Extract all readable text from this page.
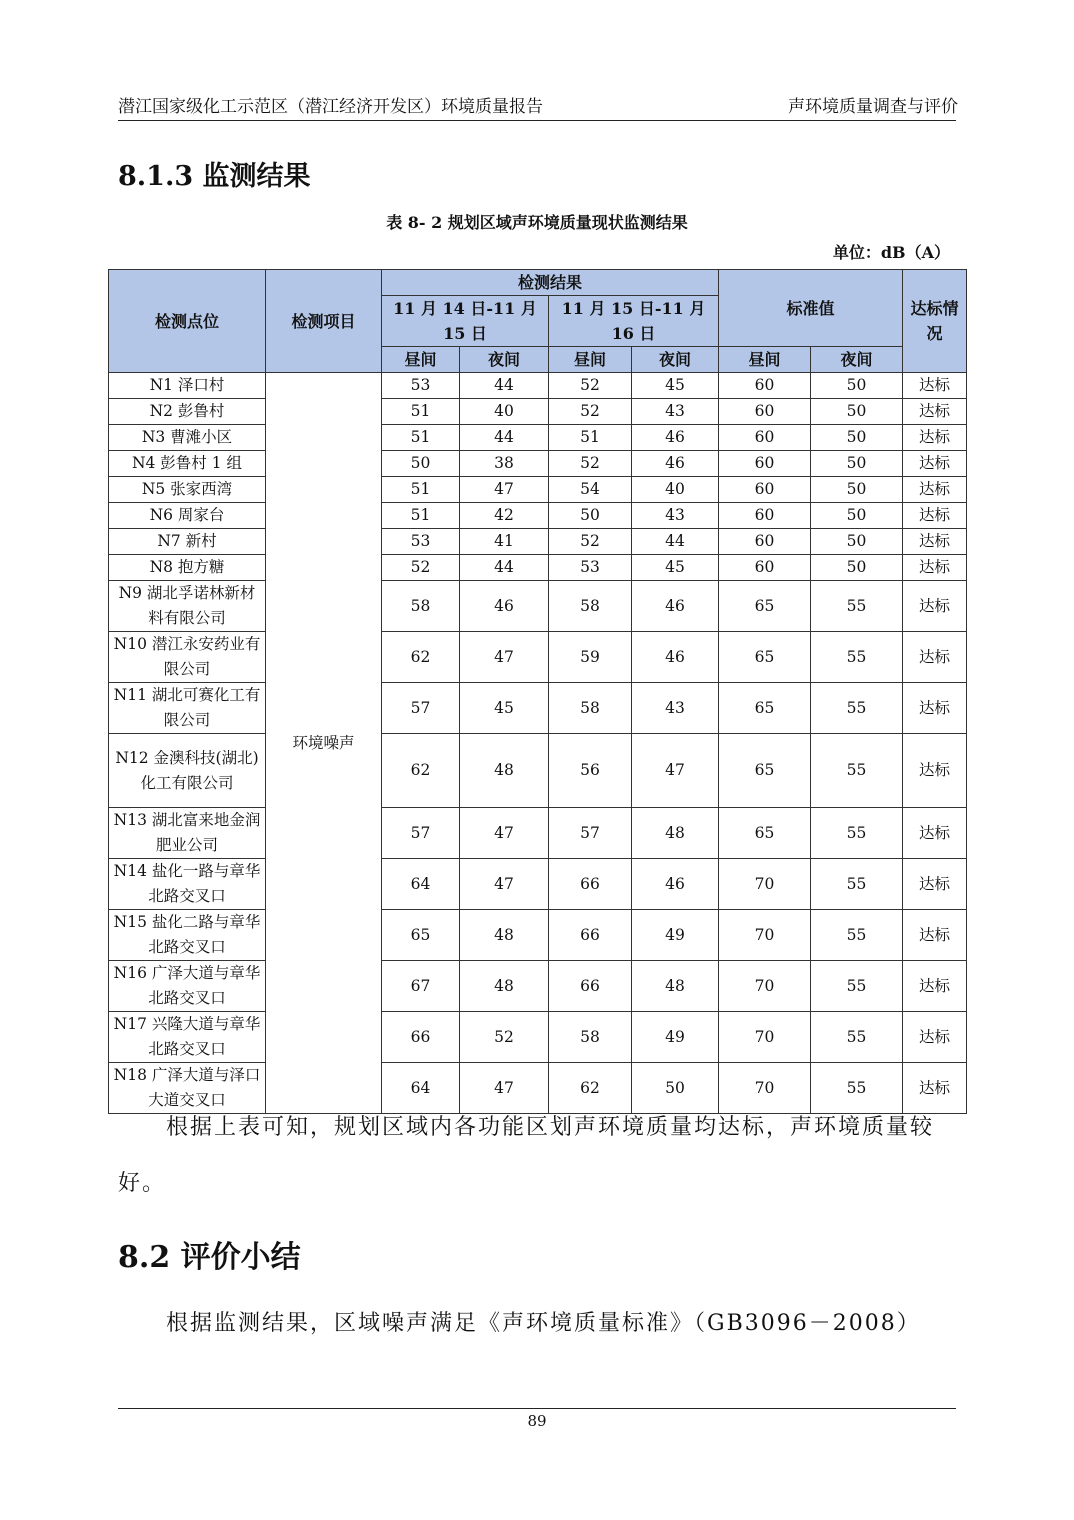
潜江国家级化工示范区（潜江经济开发区）环境质量报告	声环境质量调查与评价
8.1.3 监测结果
表 8- 2 规划区域声环境质量现状监测结果
单位：dB（A）
检测点位	检测项目	检测结果				标准值		达标情况
		11 月 14 日-11 月 15 日		11 月 15 日-11 月 16 日				
		昼间	夜间	昼间	夜间	昼间	夜间	
N1 泽口村	环境噪声	53	44	52	45	60	50	达标
N2 彭鲁村		51	40	52	43	60	50	达标
N3 曹滩小区		51	44	51	46	60	50	达标
N4 彭鲁村 1 组		50	38	52	46	60	50	达标
N5 张家西湾		51	47	54	40	60	50	达标
N6 周家台		51	42	50	43	60	50	达标
N7 新村		53	41	52	44	60	50	达标
N8 抱方糖		52	44	53	45	60	50	达标
N9 湖北孚诺林新材料有限公司		58	46	58	46	65	55	达标
N10 潜江永安药业有限公司		62	47	59	46	65	55	达标
N11 湖北可赛化工有限公司		57	45	58	43	65	55	达标
N12 金澳科技(湖北)化工有限公司		62	48	56	47	65	55	达标
N13 湖北富来地金润肥业公司		57	47	57	48	65	55	达标
N14 盐化一路与章华北路交叉口		64	47	66	46	70	55	达标
N15 盐化二路与章华北路交叉口		65	48	66	49	70	55	达标
N16 广泽大道与章华北路交叉口		67	48	66	48	70	55	达标
N17 兴隆大道与章华北路交叉口		66	52	58	49	70	55	达标
N18 广泽大道与泽口大道交叉口		64	47	62	50	70	55	达标
根据上表可知，规划区域内各功能区划声环境质量均达标，声环境质量较好。
8.2 评价小结
根据监测结果，区域噪声满足《声环境质量标准》（GB3096－2008）
89
